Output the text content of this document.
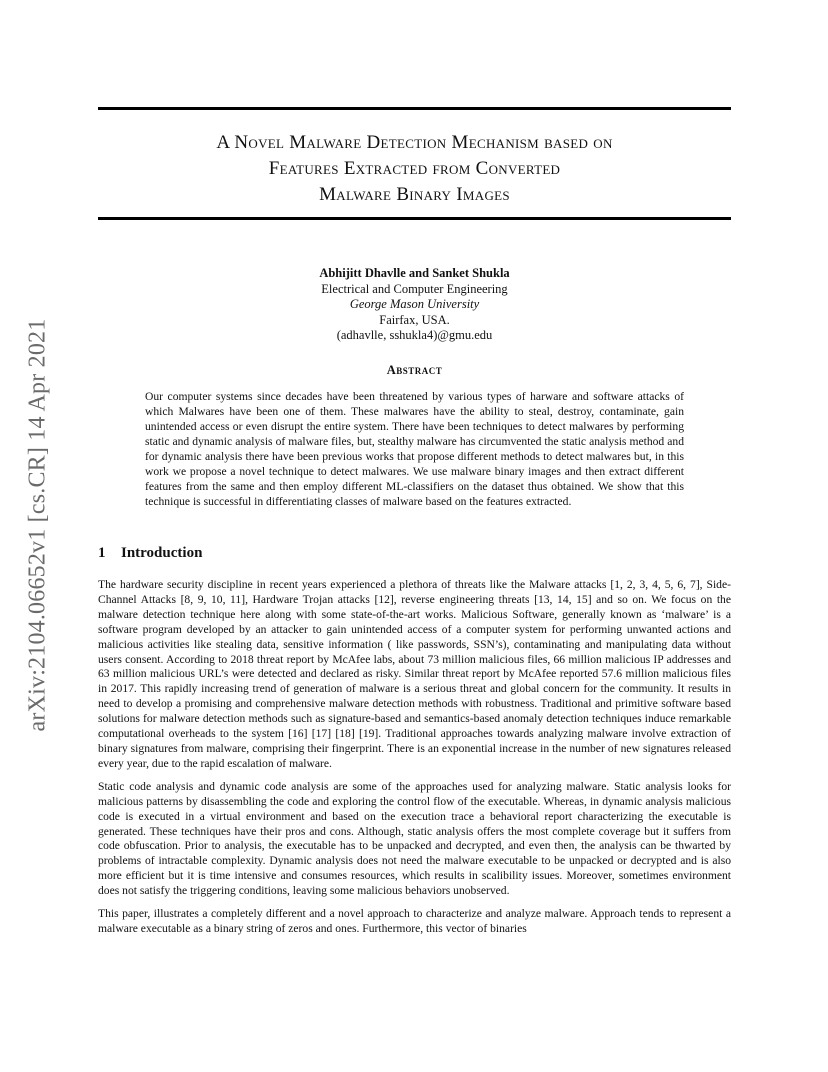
arXiv:2104.06652v1 [cs.CR] 14 Apr 2021
A Novel Malware Detection Mechanism based on
Features Extracted from Converted
Malware Binary Images
Abhijitt Dhavlle and Sanket Shukla
Electrical and Computer Engineering
George Mason University
Fairfax, USA.
(adhavlle, sshukla4)@gmu.edu
Abstract

Our computer systems since decades have been threatened by various types of harware and software attacks of which Malwares have been one of them. These malwares have the ability to steal, destroy, contaminate, gain unintended access or even disrupt the entire system. There have been techniques to detect malwares by performing static and dynamic analysis of malware files, but, stealthy malware has circumvented the static analysis method and for dynamic analysis there have been previous works that propose different methods to detect malwares but, in this work we propose a novel technique to detect malwares. We use malware binary images and then extract different features from the same and then employ different ML-classifiers on the dataset thus obtained. We show that this technique is successful in differentiating classes of malware based on the features extracted.

1 Introduction

The hardware security discipline in recent years experienced a plethora of threats like the Malware attacks [1, 2, 3, 4, 5, 6, 7], Side-Channel Attacks [8, 9, 10, 11], Hardware Trojan attacks [12], reverse engineering threats [13, 14, 15] and so on. We focus on the malware detection technique here along with some state-of-the-art works. Malicious Software, generally known as ‘malware’ is a software program developed by an attacker to gain unintended access of a computer system for performing unwanted actions and malicious activities like stealing data, sensitive information ( like passwords, SSN’s), contaminating and manipulating data without users consent. According to 2018 threat report by McAfee labs, about 73 million malicious files, 66 million malicious IP addresses and 63 million malicious URL’s were detected and declared as risky. Similar threat report by McAfee reported 57.6 million malicious files in 2017. This rapidly increasing trend of generation of malware is a serious threat and global concern for the community. It results in need to develop a promising and comprehensive malware detection methods with robustness. Traditional and primitive software based solutions for malware detection methods such as signature-based and semantics-based anomaly detection techniques induce remarkable computational overheads to the system [16] [17] [18] [19]. Traditional approaches towards analyzing malware involve extraction of binary signatures from malware, comprising their fingerprint. There is an exponential increase in the number of new signatures released every year, due to the rapid escalation of malware.

Static code analysis and dynamic code analysis are some of the approaches used for analyzing malware. Static analysis looks for malicious patterns by disassembling the code and exploring the control flow of the executable. Whereas, in dynamic analysis malicious code is executed in a virtual environment and based on the execution trace a behavioral report characterizing the executable is generated. These techniques have their pros and cons. Although, static analysis offers the most complete coverage but it suffers from code obfuscation. Prior to analysis, the executable has to be unpacked and decrypted, and even then, the analysis can be thwarted by problems of intractable complexity. Dynamic analysis does not need the malware executable to be unpacked or decrypted and is also more efficient but it is time intensive and consumes resources, which results in scalibility issues. Moreover, sometimes environment does not satisfy the triggering conditions, leaving some malicious behaviors unobserved.

This paper, illustrates a completely different and a novel approach to characterize and analyze malware. Approach tends to represent a malware executable as a binary string of zeros and ones. Furthermore, this vector of binaries
